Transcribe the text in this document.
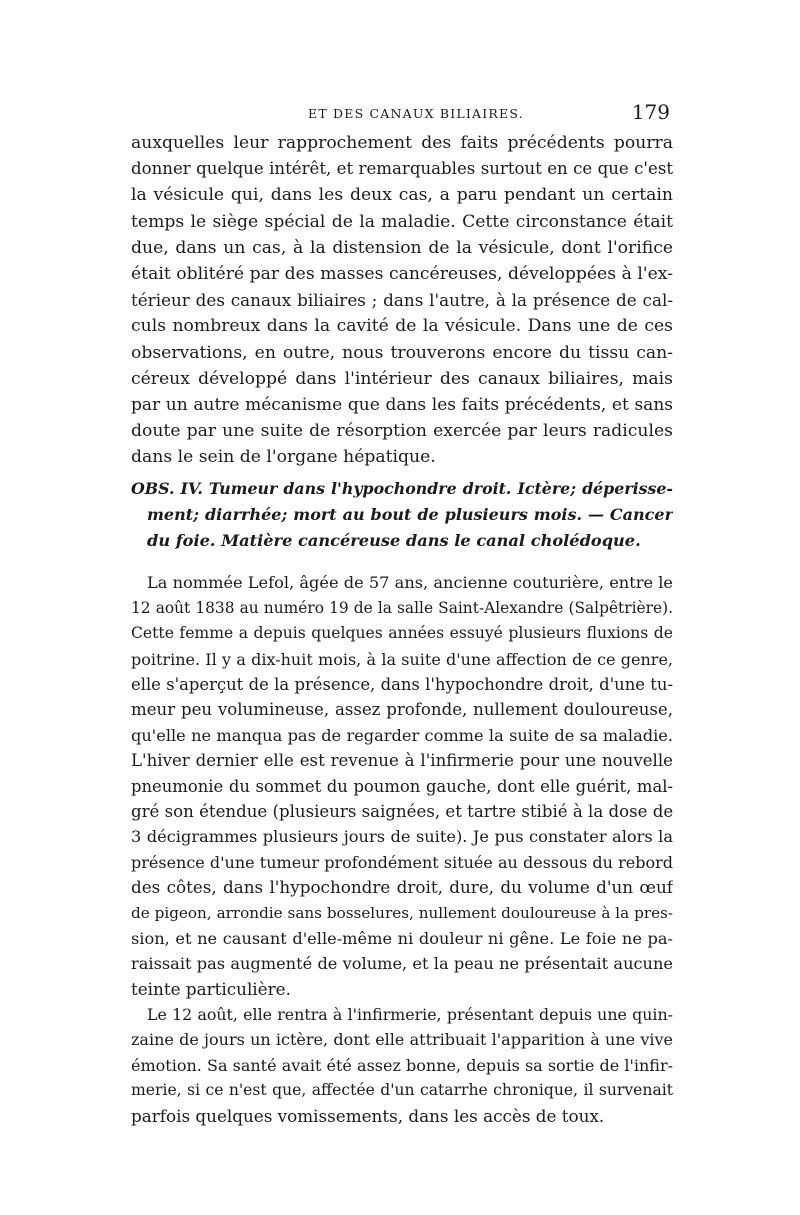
ET DES CANAUX BILIAIRES.	179
auxquelles leur rapprochement des faits précédents pourra
donner quelque intérêt, et remarquables surtout en ce que c'est
la vésicule qui, dans les deux cas, a paru pendant un certain
temps le siège spécial de la maladie. Cette circonstance était
due, dans un cas, à la distension de la vésicule, dont l'orifice
était oblitéré par des masses cancéreuses, développées à l'ex-
térieur des canaux biliaires ; dans l'autre, à la présence de cal-
culs nombreux dans la cavité de la vésicule. Dans une de ces
observations, en outre, nous trouverons encore du tissu can-
céreux développé dans l'intérieur des canaux biliaires, mais
par un autre mécanisme que dans les faits précédents, et sans
doute par une suite de résorption exercée par leurs radicules
dans le sein de l'organe hépatique.
OBS. IV. Tumeur dans l'hypochondre droit. Ictère; déperisse-
ment; diarrhée; mort au bout de plusieurs mois. — Cancer
du foie. Matière cancéreuse dans le canal cholédoque.
La nommée Lefol, âgée de 57 ans, ancienne couturière, entre le
12 août 1838 au numéro 19 de la salle Saint-Alexandre (Salpêtrière).
Cette femme a depuis quelques années essuyé plusieurs fluxions de
poitrine. Il y a dix-huit mois, à la suite d'une affection de ce genre,
elle s'aperçut de la présence, dans l'hypochondre droit, d'une tu-
meur peu volumineuse, assez profonde, nullement douloureuse,
qu'elle ne manqua pas de regarder comme la suite de sa maladie.
L'hiver dernier elle est revenue à l'infirmerie pour une nouvelle
pneumonie du sommet du poumon gauche, dont elle guérit, mal-
gré son étendue (plusieurs saignées, et tartre stibié à la dose de
3 décigrammes plusieurs jours de suite). Je pus constater alors la
présence d'une tumeur profondément située au dessous du rebord
des côtes, dans l'hypochondre droit, dure, du volume d'un œuf
de pigeon, arrondie sans bosselures, nullement douloureuse à la pres-
sion, et ne causant d'elle-même ni douleur ni gêne. Le foie ne pa-
raissait pas augmenté de volume, et la peau ne présentait aucune
teinte particulière.
Le 12 août, elle rentra à l'infirmerie, présentant depuis une quin-
zaine de jours un ictère, dont elle attribuait l'apparition à une vive
émotion. Sa santé avait été assez bonne, depuis sa sortie de l'infir-
merie, si ce n'est que, affectée d'un catarrhe chronique, il survenait
parfois quelques vomissements, dans les accès de toux.
